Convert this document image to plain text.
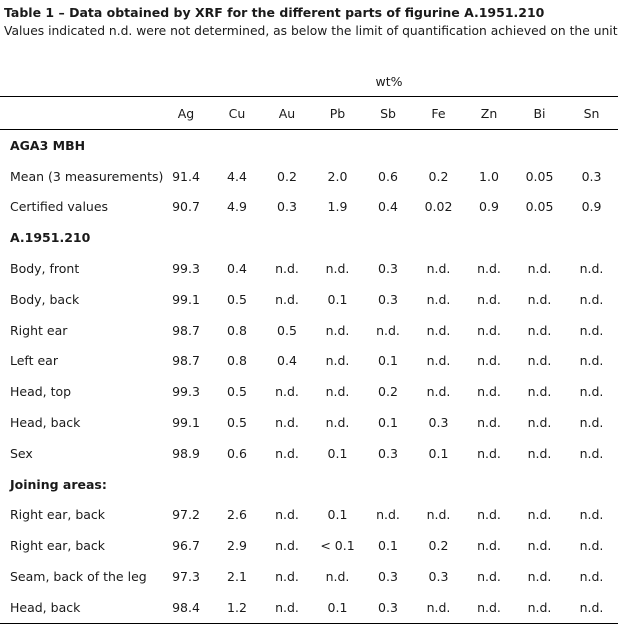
Table 1 – Data obtained by XRF for the different parts of figurine A.1951.210
Values indicated n.d. were not determined, as below the limit of quantification achieved on the unit
	wt%								
	Ag	Cu	Au	Pb	Sb	Fe	Zn	Bi	Sn
AGA3 MBH									
Mean (3 measurements)	91.4	4.4	0.2	2.0	0.6	0.2	1.0	0.05	0.3
Certified values	90.7	4.9	0.3	1.9	0.4	0.02	0.9	0.05	0.9
A.1951.210									
Body, front	99.3	0.4	n.d.	n.d.	0.3	n.d.	n.d.	n.d.	n.d.
Body, back	99.1	0.5	n.d.	0.1	0.3	n.d.	n.d.	n.d.	n.d.
Right ear	98.7	0.8	0.5	n.d.	n.d.	n.d.	n.d.	n.d.	n.d.
Left ear	98.7	0.8	0.4	n.d.	0.1	n.d.	n.d.	n.d.	n.d.
Head, top	99.3	0.5	n.d.	n.d.	0.2	n.d.	n.d.	n.d.	n.d.
Head, back	99.1	0.5	n.d.	n.d.	0.1	0.3	n.d.	n.d.	n.d.
Sex	98.9	0.6	n.d.	0.1	0.3	0.1	n.d.	n.d.	n.d.
Joining areas:									
Right ear, back	97.2	2.6	n.d.	0.1	n.d.	n.d.	n.d.	n.d.	n.d.
Right ear, back	96.7	2.9	n.d.	< 0.1	0.1	0.2	n.d.	n.d.	n.d.
Seam, back of the leg	97.3	2.1	n.d.	n.d.	0.3	0.3	n.d.	n.d.	n.d.
Head, back	98.4	1.2	n.d.	0.1	0.3	n.d.	n.d.	n.d.	n.d.
